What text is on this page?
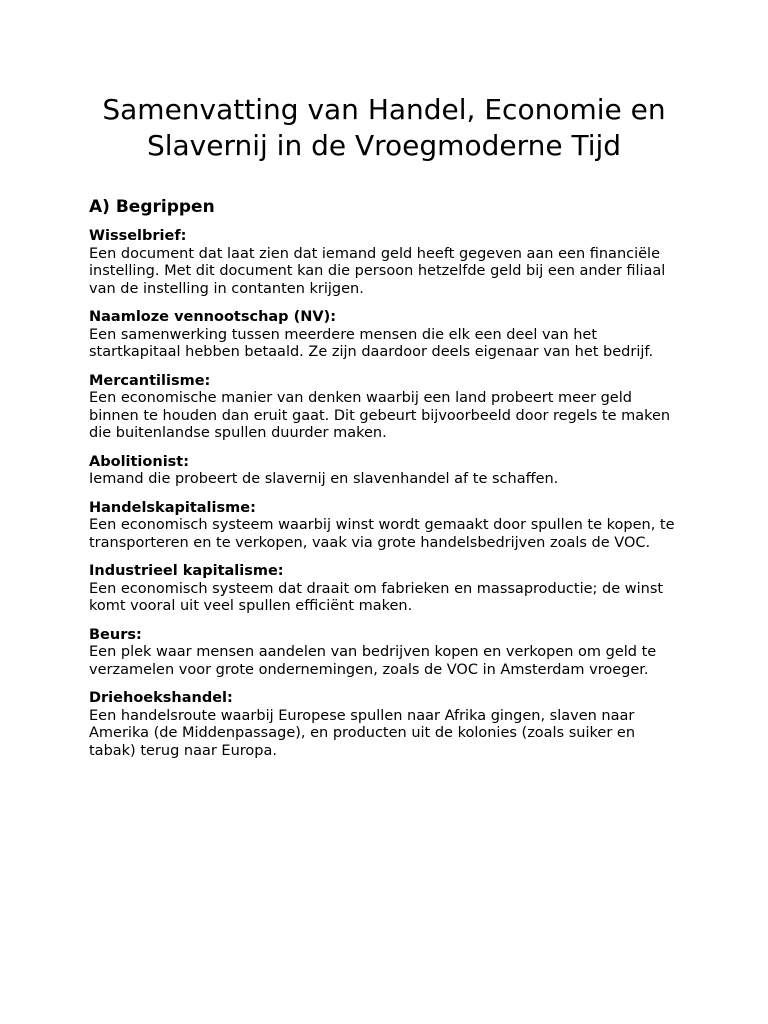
Samenvatting van Handel, Economie en
Slavernij in de Vroegmoderne Tijd
A) Begrippen
Wisselbrief:

Een document dat laat zien dat iemand geld heeft gegeven aan een financiële instelling. Met dit document kan die persoon hetzelfde geld bij een ander filiaal van de instelling in contanten krijgen.

Naamloze vennootschap (NV):

Een samenwerking tussen meerdere mensen die elk een deel van het startkapitaal hebben betaald. Ze zijn daardoor deels eigenaar van het bedrijf.

Mercantilisme:

Een economische manier van denken waarbij een land probeert meer geld binnen te houden dan eruit gaat. Dit gebeurt bijvoorbeeld door regels te maken die buitenlandse spullen duurder maken.

Abolitionist:

Iemand die probeert de slavernij en slavenhandel af te schaffen.

Handelskapitalisme:

Een economisch systeem waarbij winst wordt gemaakt door spullen te kopen, te transporteren en te verkopen, vaak via grote handelsbedrijven zoals de VOC.

Industrieel kapitalisme:

Een economisch systeem dat draait om fabrieken en massaproductie; de winst komt vooral uit veel spullen efficiënt maken.

Beurs:

Een plek waar mensen aandelen van bedrijven kopen en verkopen om geld te verzamelen voor grote ondernemingen, zoals de VOC in Amsterdam vroeger.

Driehoekshandel:

Een handelsroute waarbij Europese spullen naar Afrika gingen, slaven naar Amerika (de Middenpassage), en producten uit de kolonies (zoals suiker en tabak) terug naar Europa.
